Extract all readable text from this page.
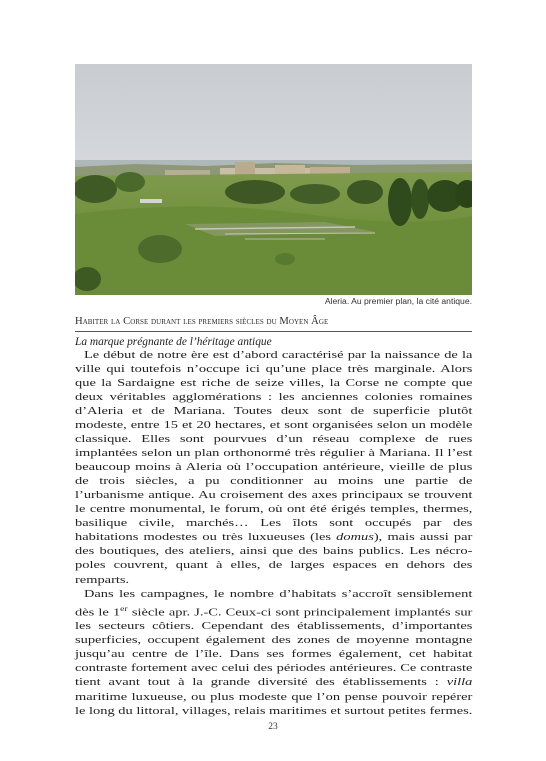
Aleria. Au premier plan, la cité antique.
Habiter la Corse durant les premiers siècles du Moyen Âge
La marque prégnante de l’héritage antique

Le début de notre ère est d’abord caractérisé par la naissance de la ville qui toutefois n’occupe ici qu’une place très marginale. Alors que la Sardaigne est riche de seize villes, la Corse ne compte que deux véritables agglomérations : les anciennes colonies romaines d’Aleria et de Mariana. Toutes deux sont de superficie plutôt modeste, entre 15 et 20 hectares, et sont organisées selon un modèle classique. Elles sont pourvues d’un réseau complexe de rues implantées selon un plan orthonormé très régulier à Mariana. Il l’est beaucoup moins à Aleria où l’occupation antérieure, vieille de plus de trois siècles, a pu conditionner au moins une partie de l’urbanisme antique. Au croisement des axes principaux se trouvent le centre monumental, le forum, où ont été érigés temples, thermes, basilique civile, marchés… Les îlots sont occupés par des habitations modestes ou très luxueuses (les domus), mais aussi par des boutiques, des ateliers, ainsi que des bains publics. Les nécropoles couvrent, quant à elles, de larges espaces en dehors des remparts.

Dans les campagnes, le nombre d’habitats s’accroît sensiblement dès le 1er siècle apr. J.-C. Ceux-ci sont principalement implantés sur les secteurs côtiers. Cependant des établissements, d’importantes superficies, occupent également des zones de moyenne montagne jusqu’au centre de l’île. Dans ses formes également, cet habitat contraste fortement avec celui des périodes antérieures. Ce contraste tient avant tout à la grande diversité des établissements : villa maritime luxueuse, ou plus modeste que l’on pense pouvoir repérer le long du littoral, villages, relais maritimes et surtout petites fermes.

23
